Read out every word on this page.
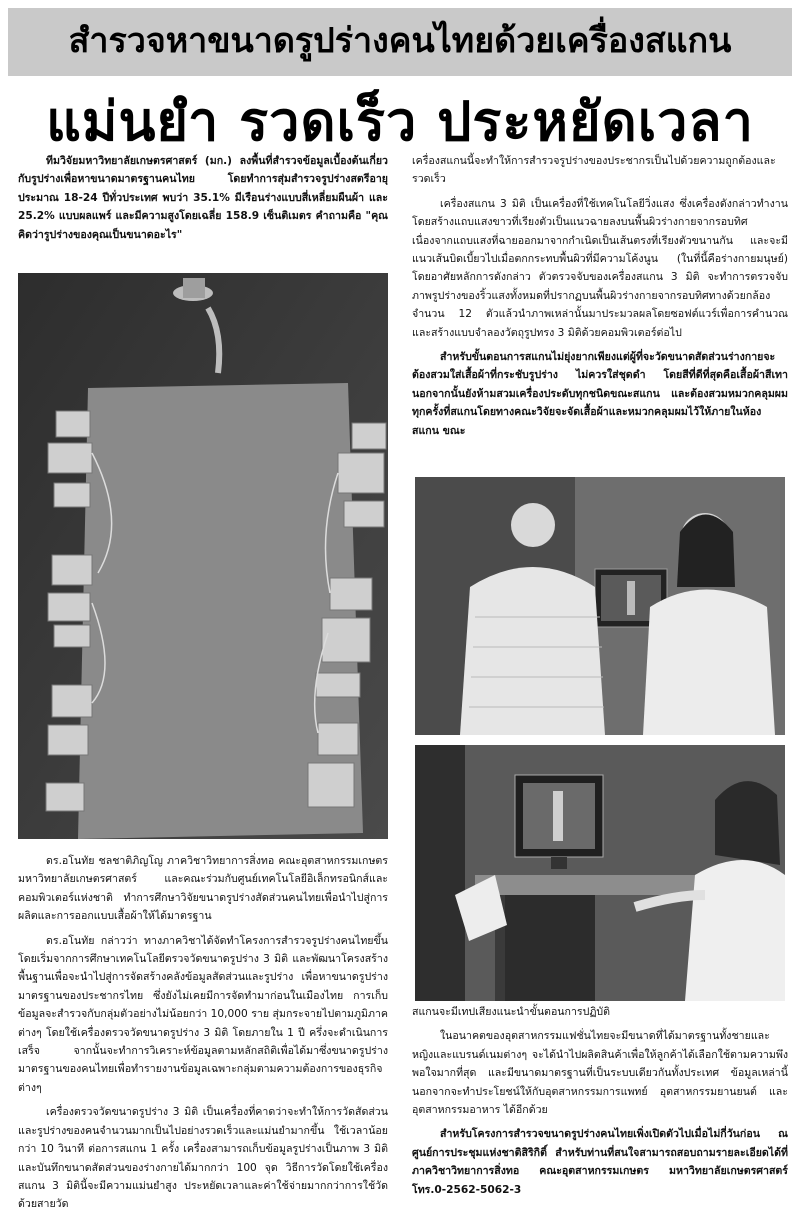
สำรวจหาขนาดรูปร่างคนไทยด้วยเครื่องสแกน
แม่นยำ รวดเร็ว ประหยัดเวลา

ทีมวิจัยมหาวิทยาลัยเกษตรศาสตร์ (มก.) ลงพื้นที่สำรวจข้อมูลเบื้องต้นเกี่ยวกับรูปร่างเพื่อหาขนาดมาตรฐานคนไทย โดยทำการสุ่มสำรวจรูปร่างสตรีอายุประมาณ 18-24 ปีทั่วประเทศ พบว่า 35.1% มีเรือนร่างแบบสี่เหลี่ยมผืนผ้า และ 25.2% แบบผลแพร์ และมีความสูงโดยเฉลี่ย 158.9 เซ็นติเมตร คำถามคือ "คุณคิดว่ารูปร่างของคุณเป็นขนาดอะไร"

ดร.อโนทัย ชลชาติภิญโญ ภาควิชาวิทยาการสิ่งทอ คณะอุตสาหกรรมเกษตร มหาวิทยาลัยเกษตรศาสตร์ และคณะร่วมกับศูนย์เทคโนโลยีอิเล็กทรอนิกส์และคอมพิวเตอร์แห่งชาติ ทำการศึกษาวิจัยขนาดรูปร่างสัดส่วนคนไทยเพื่อนำไปสู่การผลิตและการออกแบบเสื้อผ้าให้ได้มาตรฐาน

ดร.อโนทัย กล่าวว่า ทางภาควิชาได้จัดทำโครงการสำรวจรูปร่างคนไทยขึ้น โดยเริ่มจากการศึกษาเทคโนโลยีตรวจวัดขนาดรูปร่าง 3 มิติ และพัฒนาโครงสร้างพื้นฐานเพื่อจะนำไปสู่การจัดสร้างคลังข้อมูลสัดส่วนและรูปร่าง เพื่อหาขนาดรูปร่างมาตรฐานของประชากรไทย ซึ่งยังไม่เคยมีการจัดทำมาก่อนในเมืองไทย การเก็บข้อมูลจะสำรวจกับกลุ่มตัวอย่างไม่น้อยกว่า 10,000 ราย สุ่มกระจายไปตามภูมิภาคต่างๆ โดยใช้เครื่องตรวจวัดขนาดรูปร่าง 3 มิติ โดยภายใน 1 ปี ครึ่งจะดำเนินการเสร็จ จากนั้นจะทำการวิเคราะห์ข้อมูลตามหลักสถิติเพื่อได้มาซึ่งขนาดรูปร่างมาตรฐานของคนไทยเพื่อทำรายงานข้อมูลเฉพาะกลุ่มตามความต้องการของธุรกิจต่างๆ

เครื่องตรวจวัดขนาดรูปร่าง 3 มิติ เป็นเครื่องที่คาดว่าจะทำให้การวัดสัดส่วนและรูปร่างของคนจำนวนมากเป็นไปอย่างรวดเร็วและแม่นยำมากขึ้น ใช้เวลาน้อยกว่า 10 วินาที ต่อการสแกน 1 ครั้ง เครื่องสามารถเก็บข้อมูลรูปร่างเป็นภาพ 3 มิติ และบันทึกขนาดสัดส่วนของร่างกายได้มากกว่า 100 จุด วิธีการวัดโดยใช้เครื่องสแกน 3 มิตินี้จะมีความแม่นยำสูง ประหยัดเวลาและค่าใช้จ่ายมากกว่าการใช้วัดด้วยสายวัด

เครื่องสแกนนี้จะทำให้การสำรวจรูปร่างของประชากรเป็นไปด้วยความถูกต้องและรวดเร็ว

เครื่องสแกน 3 มิติ เป็นเครื่องที่ใช้เทคโนโลยีวิ่งแสง ซึ่งเครื่องดังกล่าวทำงานโดยสร้างแถบแสงขาวที่เรียงตัวเป็นแนวฉายลงบนพื้นผิวร่างกายจากรอบทิศ เนื่องจากแถบแสงที่ฉายออกมาจากกำเนิดเป็นเส้นตรงที่เรียงตัวขนานกัน และจะมีแนวเส้นบิดเบี้ยวไปเมื่อตกกระทบพื้นผิวที่มีความโค้งนูน (ในที่นี้คือร่างกายมนุษย์) โดยอาศัยหลักการดังกล่าว ตัวตรวจจับของเครื่องสแกน 3 มิติ จะทำการตรวจจับภาพรูปร่างของริ้วแสงทั้งหมดที่ปรากฏบนพื้นผิวร่างกายจากรอบทิศทางด้วยกล้องจำนวน 12 ตัวแล้วนำภาพเหล่านั้นมาประมวลผลโดยซอฟต์แวร์เพื่อการคำนวณ และสร้างแบบจำลองวัตถุรูปทรง 3 มิติด้วยคอมพิวเตอร์ต่อไป

สำหรับขั้นตอนการสแกนไม่ยุ่งยากเพียงแต่ผู้ที่จะวัดขนาดสัดส่วนร่างกายจะต้องสวมใส่เสื้อผ้าที่กระชับรูปร่าง ไม่ควรใส่ชุดดำ โดยสีที่ดีที่สุดคือเสื้อผ้าสีเทา นอกจากนั้นยังห้ามสวมเครื่องประดับทุกชนิดขณะสแกน และต้องสวมหมวกคลุมผมทุกครั้งที่สแกนโดยทางคณะวิจัยจะจัดเสื้อผ้าและหมวกคลุมผมไว้ให้ภายในห้องสแกน ขณะ

สแกนจะมีเทปเสียงแนะนำขั้นตอนการปฏิบัติ

ในอนาคตของอุตสาหกรรมแฟชั่นไทยจะมีขนาดที่ได้มาตรฐานทั้งชายและหญิงและแบรนด์เนมต่างๆ จะได้นำไปผลิตสินค้าเพื่อให้ลูกค้าได้เลือกใช้ตามความพึงพอใจมากที่สุด และมีขนาดมาตรฐานที่เป็นระบบเดียวกันทั้งประเทศ ข้อมูลเหล่านี้นอกจากจะทำประโยชน์ให้กับอุตสาหกรรมการแพทย์ อุตสาหกรรมยานยนต์ และอุตสาหกรรมอาหาร ได้อีกด้วย

สำหรับโครงการสำรวจขนาดรูปร่างคนไทยเพิ่งเปิดตัวไปเมื่อไม่กี่วันก่อน ณ ศูนย์การประชุมแห่งชาติสิริกิติ์ สำหรับท่านที่สนใจสามารถสอบถามรายละเอียดได้ที่ ภาควิชาวิทยาการสิ่งทอ คณะอุตสาหกรรมเกษตร มหาวิทยาลัยเกษตรศาสตร์ โทร.0-2562-5062-3
